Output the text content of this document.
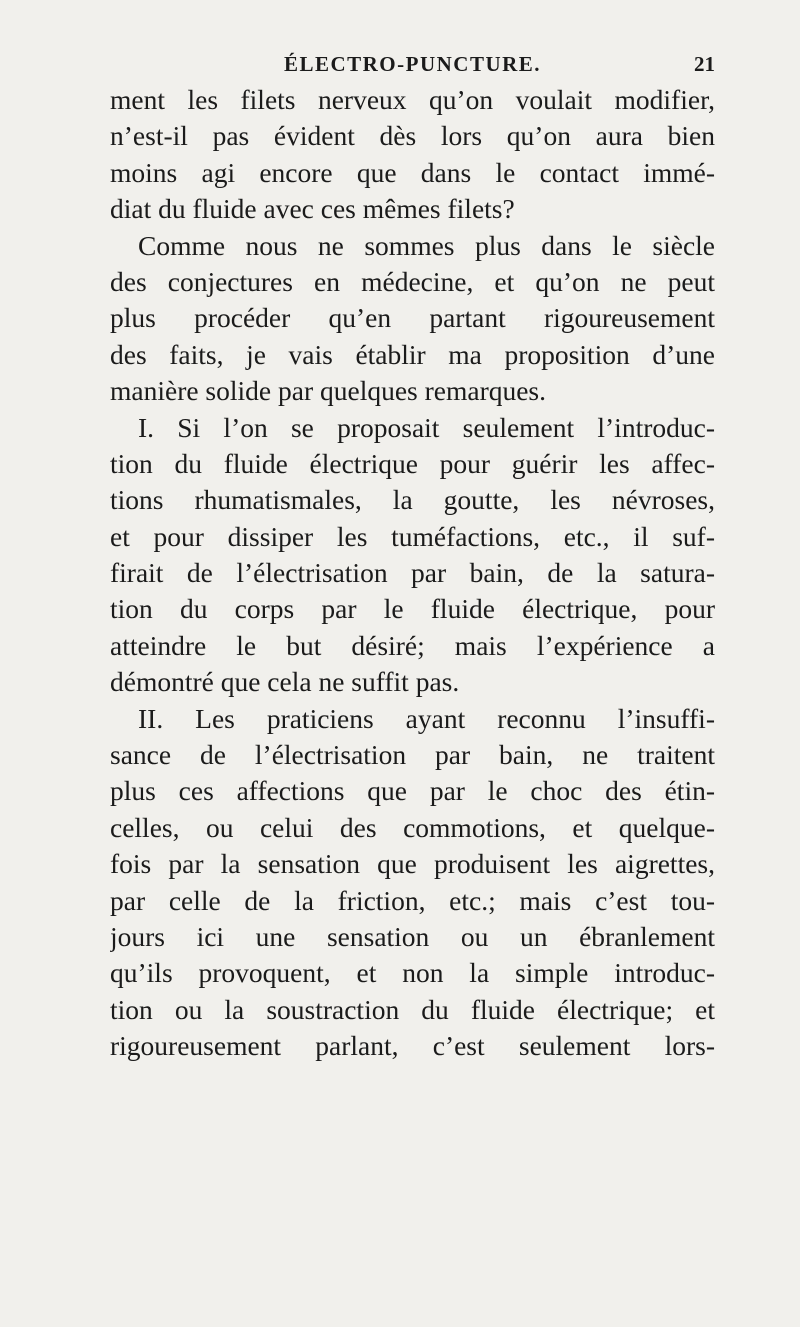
ÉLECTRO-PUNCTURE.	21
ment les filets nerveux qu’on voulait modifier,
n’est-il pas évident dès lors qu’on aura bien
moins agi encore que dans le contact immé-
diat du fluide avec ces mêmes filets?
Comme nous ne sommes plus dans le siècle
des conjectures en médecine, et qu’on ne peut
plus procéder qu’en partant rigoureusement
des faits, je vais établir ma proposition d’une
manière solide par quelques remarques.
I. Si l’on se proposait seulement l’introduc-
tion du fluide électrique pour guérir les affec-
tions rhumatismales, la goutte, les névroses,
et pour dissiper les tuméfactions, etc., il suf-
firait de l’électrisation par bain, de la satura-
tion du corps par le fluide électrique, pour
atteindre le but désiré; mais l’expérience a
démontré que cela ne suffit pas.
II. Les praticiens ayant reconnu l’insuffi-
sance de l’électrisation par bain, ne traitent
plus ces affections que par le choc des étin-
celles, ou celui des commotions, et quelque-
fois par la sensation que produisent les aigrettes,
par celle de la friction, etc.; mais c’est tou-
jours ici une sensation ou un ébranlement
qu’ils provoquent, et non la simple introduc-
tion ou la soustraction du fluide électrique; et
rigoureusement parlant, c’est seulement lors-
